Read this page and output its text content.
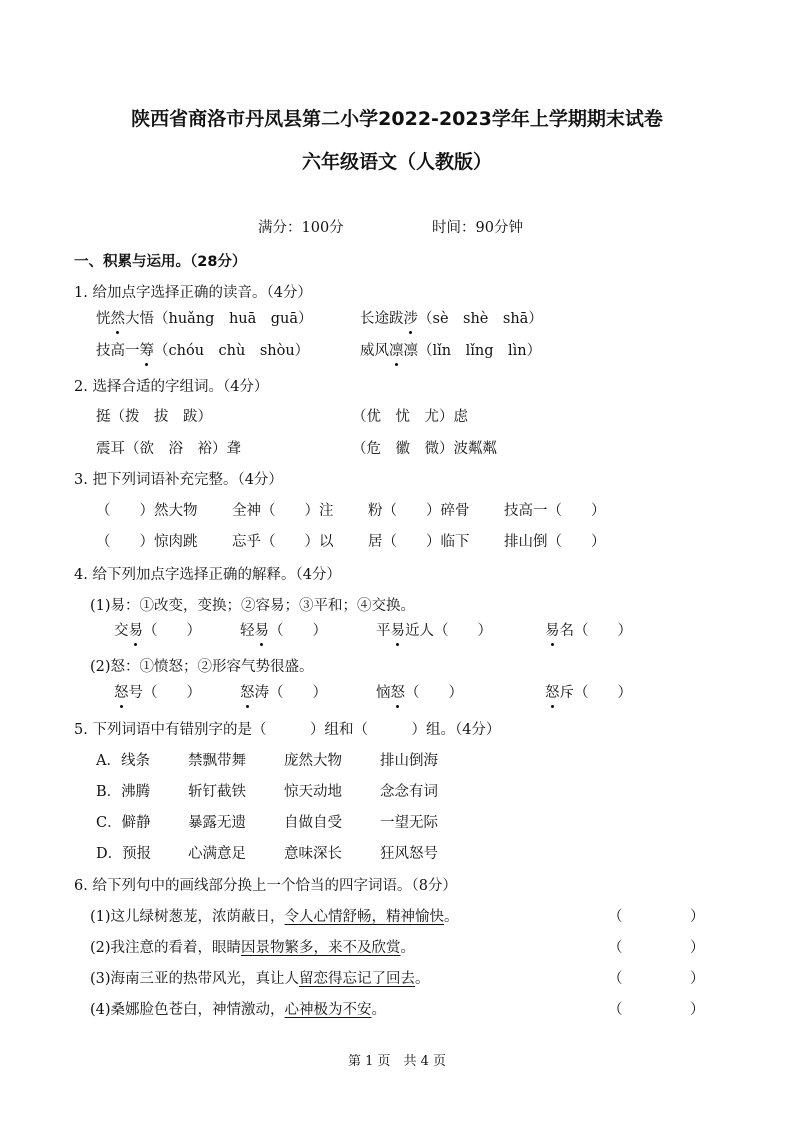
陕西省商洛市丹凤县第二小学2022-2023学年上学期期末试卷
六年级语文（人教版）
满分：100分	时间：90分钟
一、积累与运用。（28分）
1. 给加点字选择正确的读音。（4分）
恍然大悟（huǎng　huā　guā）	长途跋涉（sè　shè　shā）
技高一筹（chóu　chù　shòu）	威风凛凛（lǐn　lǐng　lìn）
2. 选择合适的字组词。（4分）
挺（拨　拔　跋）	（优　忧　尤）虑
震耳（欲　浴　裕）聋	（危　徽　微）波粼粼
3. 把下列词语补充完整。（4分）
（　　）然大物 全神（　　）注 粉（　　）碎骨 技高一（　　）
（　　）惊肉跳 忘乎（　　）以 居（　　）临下 排山倒（　　）
4. 给下列加点字选择正确的解释。（4分）
(1)易：①改变，变换；②容易；③平和；④交换。
交易（　　）	轻易（　　）	平易近人（　　）	易名（　　）
(2)怒：①愤怒；②形容气势很盛。
怒号（　　）	怒涛（　　）	恼怒（　　）	怒斥（　　）
5. 下列词语中有错别字的是（　　　）组和（　　　）组。（4分）
A．线条	禁飘带舞	庞然大物	排山倒海
B．沸腾	斩钉截铁	惊天动地	念念有词
C．僻静	暴露无遗	自做自受	一望无际
D．预报	心满意足	意味深长	狂风怒号
6. 给下列句中的画线部分换上一个恰当的四字词语。（8分）
(1)这儿绿树葱茏，浓荫蔽日，令人心情舒畅，精神愉快。	（	）
(2)我注意的看着，眼睛因景物繁多，来不及欣赏。	（	）
(3)海南三亚的热带风光，真让人留恋得忘记了回去。	（	）
(4)桑娜脸色苍白，神情激动，心神极为不安。	（	）
第 1 页　共 4 页
